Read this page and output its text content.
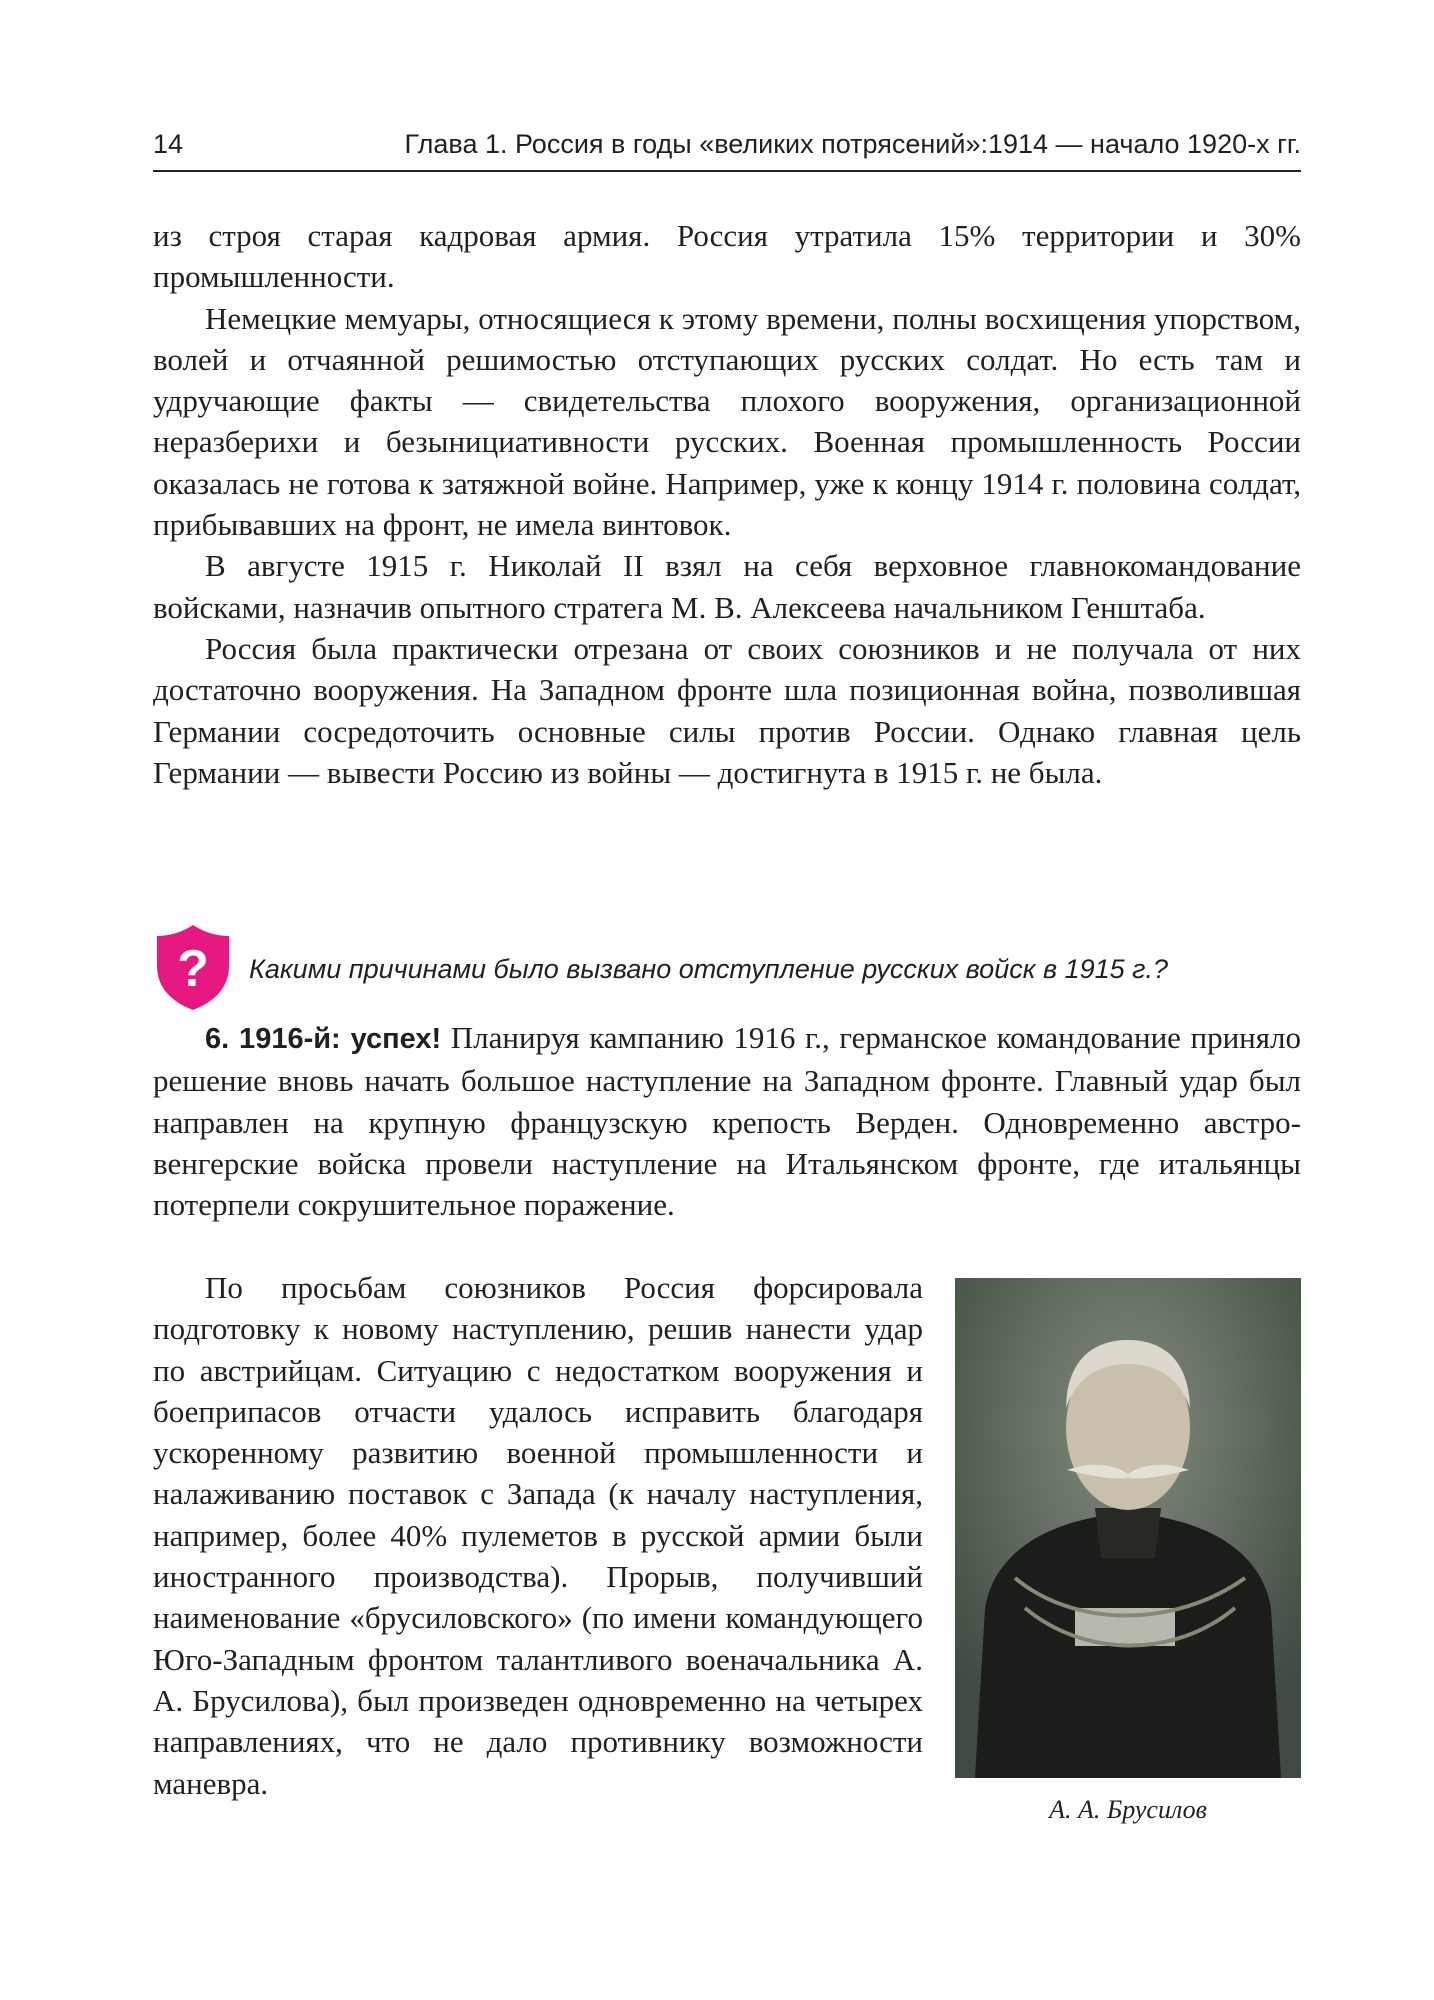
14	Глава 1. Россия в годы «великих потрясений»:1914 — начало 1920-х гг.

из строя старая кадровая армия. Россия утратила 15% территории и 30% промышленности.

Немецкие мемуары, относящиеся к этому времени, полны восхищения упорством, волей и отчаянной решимостью отступающих русских солдат. Но есть там и удручающие факты — свидетельства плохого вооружения, организационной неразберихи и безынициативности русских. Военная промышленность России оказалась не готова к затяжной войне. Например, уже к концу 1914 г. половина солдат, прибывавших на фронт, не имела винтовок.

В августе 1915 г. Николай II взял на себя верховное главнокомандование войсками, назначив опытного стратега М. В. Алексеева начальником Генштаба.

Россия была практически отрезана от своих союзников и не получала от них достаточно вооружения. На Западном фронте шла позиционная война, позволившая Германии сосредоточить основные силы против России. Однако главная цель Германии — вывести Россию из войны — достигнута в 1915 г. не была.

? Какими причинами было вызвано отступление русских войск в 1915 г.?

6. 1916-й: успех! Планируя кампанию 1916 г., германское командование приняло решение вновь начать большое наступление на Западном фронте. Главный удар был направлен на крупную французскую крепость Верден. Одновременно австро-венгерские войска провели наступление на Итальянском фронте, где итальянцы потерпели сокрушительное поражение.

По просьбам союзников Россия форсировала подготовку к новому наступлению, решив нанести удар по австрийцам. Ситуацию с недостатком вооружения и боеприпасов отчасти удалось исправить благодаря ускоренному развитию военной промышленности и налаживанию поставок с Запада (к началу наступления, например, более 40% пулеметов в русской армии были иностранного производства). Прорыв, получивший наименование «брусиловского» (по имени командующего Юго-Западным фронтом талантливого военачальника А. А. Брусилова), был произведен одновременно на четырех направлениях, что не дало противнику возможности маневра.

А. А. Брусилов
